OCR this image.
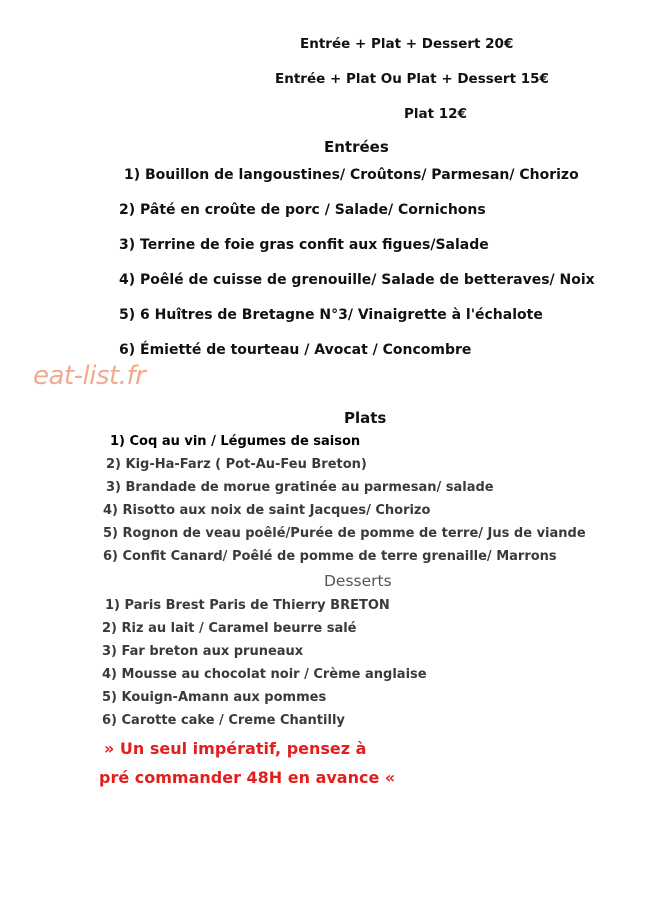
Entrée + Plat + Dessert 20€
Entrée + Plat Ou Plat + Dessert 15€
Plat 12€
Entrées
1) Bouillon de langoustines/ Croûtons/ Parmesan/ Chorizo
2) Pâté en croûte de porc / Salade/ Cornichons
3) Terrine de foie gras confit aux figues/Salade
4) Poêlé de cuisse de grenouille/ Salade de betteraves/ Noix
5) 6 Huîtres de Bretagne N°3/ Vinaigrette à l'échalote
6) Émietté de tourteau / Avocat / Concombre
eat-list.fr
Plats
1) Coq au vin / Légumes de saison
2) Kig-Ha-Farz ( Pot-Au-Feu Breton)
3) Brandade de morue gratinée au parmesan/ salade
4) Risotto aux noix de saint Jacques/ Chorizo
5) Rognon de veau poêlé/Purée de pomme de terre/ Jus de viande
6) Confit Canard/ Poêlé de pomme de terre grenaille/ Marrons
Desserts
1) Paris Brest Paris de Thierry BRETON
2) Riz au lait / Caramel beurre salé
3) Far breton aux pruneaux
4) Mousse au chocolat noir / Crème anglaise
5) Kouign-Amann aux pommes
6) Carotte cake / Creme Chantilly
» Un seul impératif, pensez à
pré commander 48H en avance «
